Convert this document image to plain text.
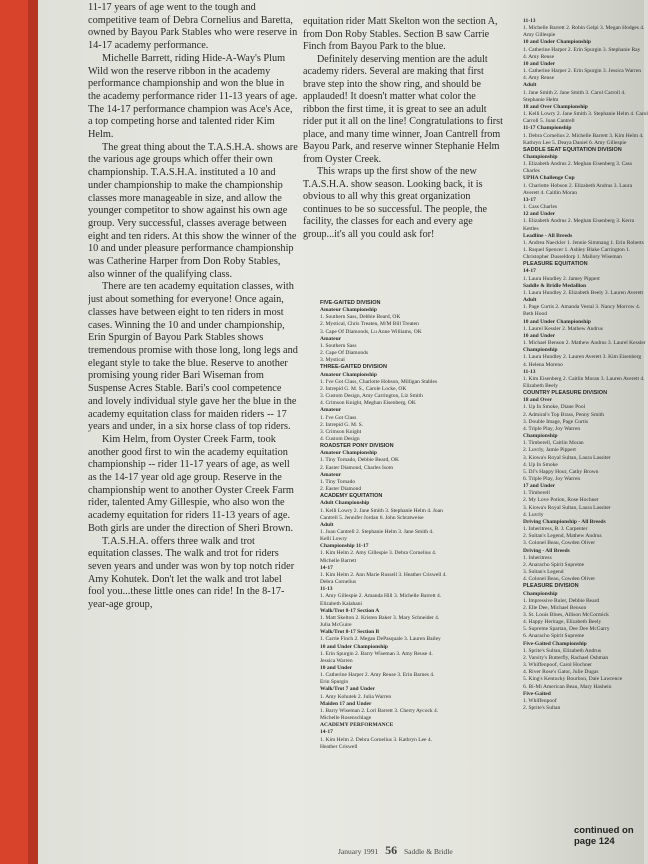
11-17 years of age went to the tough and competitive team of Debra Cornelius and Baretta, owned by Bayou Park Stables who were reserve in 14-17 academy performance.

Michelle Barrett, riding Hide-A-Way's Plum Wild won the reserve ribbon in the academy performance championship and won the blue in the academy performance rider 11-13 years of age. The 14-17 performance champion was Ace's Ace, a top competing horse and talented rider Kim Helm.

The great thing about the T.A.S.H.A. shows are the various age groups which offer their own championship. T.A.S.H.A. instituted a 10 and under championship to make the championship classes more manageable in size, and allow the younger competitor to show against his own age group. Very successful, classes average between eight and ten riders. At this show the winner of the 10 and under pleasure performance championship was Catherine Harper from Don Roby Stables, also winner of the qualifying class.

There are ten academy equitation classes, with just about something for everyone! Once again, classes have between eight to ten riders in most cases. Winning the 10 and under championship, Erin Spurgin of Bayou Park Stables shows tremendous promise with those long, long legs and elegant style to take the blue. Reserve to another promising young rider Bari Wiseman from Suspense Acres Stable. Bari's cool competence and lovely individual style gave her the blue in the academy equitation class for maiden riders -- 17 years and under, in a six horse class of top riders.

Kim Helm, from Oyster Creek Farm, took another good first to win the academy equitation championship -- rider 11-17 years of age, as well as the 14-17 year old age group. Reserve in the championship went to another Oyster Creek Farm rider, talented Amy Gillespie, who also won the academy equitation for riders 11-13 years of age. Both girls are under the direction of Sheri Brown.

T.A.S.H.A. offers three walk and trot equitation classes. The walk and trot for riders seven years and under was won by top notch rider Amy Kohutek. Don't let the walk and trot label fool you...these little ones can ride! In the 8-17-year-age group,

equitation rider Matt Skelton won the section A, from Don Roby Stables. Section B saw Carrie Finch from Bayou Park to the blue.

Definitely deserving mention are the adult academy riders. Several are making that first brave step into the show ring, and should be applauded! It doesn't matter what color the ribbon the first time, it is great to see an adult rider put it all on the line! Congratulations to first place, and many time winner, Joan Cantrell from Bayou Park, and reserve winner Stephanie Helm from Oyster Creek.

This wraps up the first show of the new T.A.S.H.A. show season. Looking back, it is obvious to all why this great organization continues to be so successful. The people, the facility, the classes for each and every age group...it's all you could ask for!

FIVE-GAITED DIVISION
Amateur Championship
1. Southern Sass, Debbie Beard, OK
2. Mystical, Chris Treaten, M/M Bill Treaten
3. Cape Of Diamonds, Lu Anne Williams, OK
Amateur
1. Southern Sass
2. Cape Of Diamonds
3. Mystical
THREE-GAITED DIVISION
Amateur Championship
1. I've Got Class, Charlotte Hobson, Milligan Stables
2. Intrepid G. M. S., Carole Locke, OK
3. Custom Design, Amy Carrington, Liz Smith
4. Crimson Knight, Meghan Eisenberg, OK
Amateur
1. I've Got Class
2. Intrepid G. M. S.
3. Crimson Knight
4. Custom Design
ROADSTER PONY DIVISION
Amateur Championship
1. Tiny Tornado, Debbie Beard, OK
2. Easter Diamond, Charles Isom
Amateur
1. Tiny Tornado
2. Easter Diamond
ACADEMY EQUITATION
Adult Championship
1. Kelli Lowry 2. Jane Smith 3. Stephanie Helm 4. Joan
Cantrell 5. Jennifer Jordan 6. John Schratweise
Adult
1. Joan Cantrell 2. Stephanie Helm 3. Jane Smith 4.
Kelli Lowry
Championship 11-17
1. Kim Helm 2. Amy Gillespie 3. Debra Cornelius 4.
Michelle Barrett
14-17
1. Kim Helm 2. Ann Marie Russell 3. Heather Criswell 4.
Debra Cornelius
11-13
1. Amy Gillespie 2. Amanda Hill 3. Michelle Barrett 4.
Elizabeth Kalahani
Walk/Trot 8-17 Section A
1. Matt Skelton 2. Kristen Baker 3. Mary Schneider 4.
Julia McGuire
Walk/Trot 8-17 Section B
1. Carrie Finch 2. Megan DePasquale 3. Lauren Bailey
10 and Under Championship
1. Erin Spurgin 2. Barry Wiseman 3. Amy Reuse 4.
Jessica Warren
10 and Under
1. Catherine Harper 2. Amy Reuse 3. Erin Barnes 4.
Erin Spurgin
Walk/Trot 7 and Under
1. Amy Kohutek 2. Julia Warren
Maiden 17 and Under
1. Barry Wiseman 2. Lori Barrett 3. Cherry Aycock 4.
Michelle Rosenschlage
ACADEMY PERFORMANCE
14-17
1. Kim Helm 2. Debra Cornelius 3. Kathryn Lee 4.
Heather Criswell
11-13
1. Michelle Barrett 2. Robin Gelpi 3. Megan Hodges 4.
Amy Gillespie
10 and Under Championship
1. Catherine Harper 2. Erin Spurgin 3. Stephanie Ray
4. Amy Reuse
10 and Under
1. Catherine Harper 2. Erin Spurgin 3. Jessica Warren
4. Amy Reuse
Adult
1. Jane Smith 2. Jane Smith 3. Carol Carroll 4.
Stephanie Helm
18 and Over Championship
1. Kelli Lowry 2. Jane Smith 3. Stephanie Helm 4. Carol
Carroll 5. Joan Cantrell
11-17 Championship
1. Debra Cornelius 2. Michelle Barrett 3. Kim Helm 4.
Kathryn Lee 5. Deaya Daniel 6. Amy Gillespie
SADDLE SEAT EQUITATION DIVISION
Championship
1. Elizabeth Andrus 2. Meghan Eisenberg 3. Cass
Charles
UPHA Challenge Cup
1. Charlotte Hobson 2. Elizabeth Andrus 3. Laura
Averett 4. Caitlin Moran
13-17
1. Cass Charles
12 and Under
1. Elizabeth Andrus 2. Meghan Eisenberg 3. Kerra
Kettles
Leadline - All Breeds
1. Andrea Naeckler 1. Jennie Simmang 1. Erin Roberts
1. Raquel Spencer 1. Ashley Blake Carrington 1.
Christopher Dusseldorp 1. Mallory Wiseman
PLEASURE EQUITATION
14-17
1. Laura Hundley 2. Jamey Pippert
Saddle & Bridle Medallion
1. Laura Hundley 2. Elizabeth Beely 3. Lauren Averett
Adult
1. Page Curtis 2. Amanda Vestal 3. Nancy Morrow 4.
Beth Hood
10 and Under Championship
1. Laurel Kessler 2. Mathew Andrus
10 and Under
1. Michael Benson 2. Mathew Andrus 3. Laurel Kessler
Championship
1. Laura Hundley 2. Lauren Averett 3. Kim Eisenberg
4. Helena Moreno
11-13
1. Kim Eisenberg 2. Caitlin Moran 3. Lauren Averett 4.
Elizabeth Beely
COUNTRY PLEASURE DIVISION
18 and Over
1. Up In Smoke, Diane Pool
2. Admiral's Top Brass, Penny Smith
3. Double Image, Page Curtis
4. Triple Play, Joy Warren
Championship
1. Timberell, Caitlin Moran
2. Luvrly, Jamie Pippert
3. Kiowa's Royal Sultan, Laura Lassiter
4. Up In Smoke
5. DJ's Happy Hour, Cathy Brown
6. Triple Play, Joy Warren
17 and Under
1. Timberell
2. My Love Potion, Rose Hochner
3. Kiowa's Royal Sultan, Laura Lassiter
4. Luvrly
Driving Championship - All Breeds
1. Inheritress, B. J. Carpenter
2. Sultan's Legend, Mathew Andrus
3. Colonel Beau, Cowden Oliver
Driving - All Breeds
1. Inheritress
2. Anaracho Spirit Supreme
3. Sultan's Legend
4. Colonel Beau, Cowden Oliver
PLEASURE DIVISION
Championship
1. Impressive Ruler, Debbie Beard
2. Elle Dee, Michael Benson
3. St. Louis Blues, Allison McCormick
4. Happy Heritage, Elizabeth Beely
5. Supreme Spartan, Dee Dee McGarry
6. Anaracho Spirit Supreme
Five-Gaited Championship
1. Sprite's Sultan, Elizabeth Andrus
2. Varsity's Butterfly, Rachael Oshman
3. Whiffenpoof, Carol Hochner
4. River Rose's Gator, Julie Dugas
5. King's Kentucky Bourbon, Dale Lawrence
6. Bi-Mi American Beau, Mary Hashein
Five-Gaited
1. Whiffenpoof
2. Sprite's Sultan
continued on page 124
January 1991 56 Saddle & Bridle
